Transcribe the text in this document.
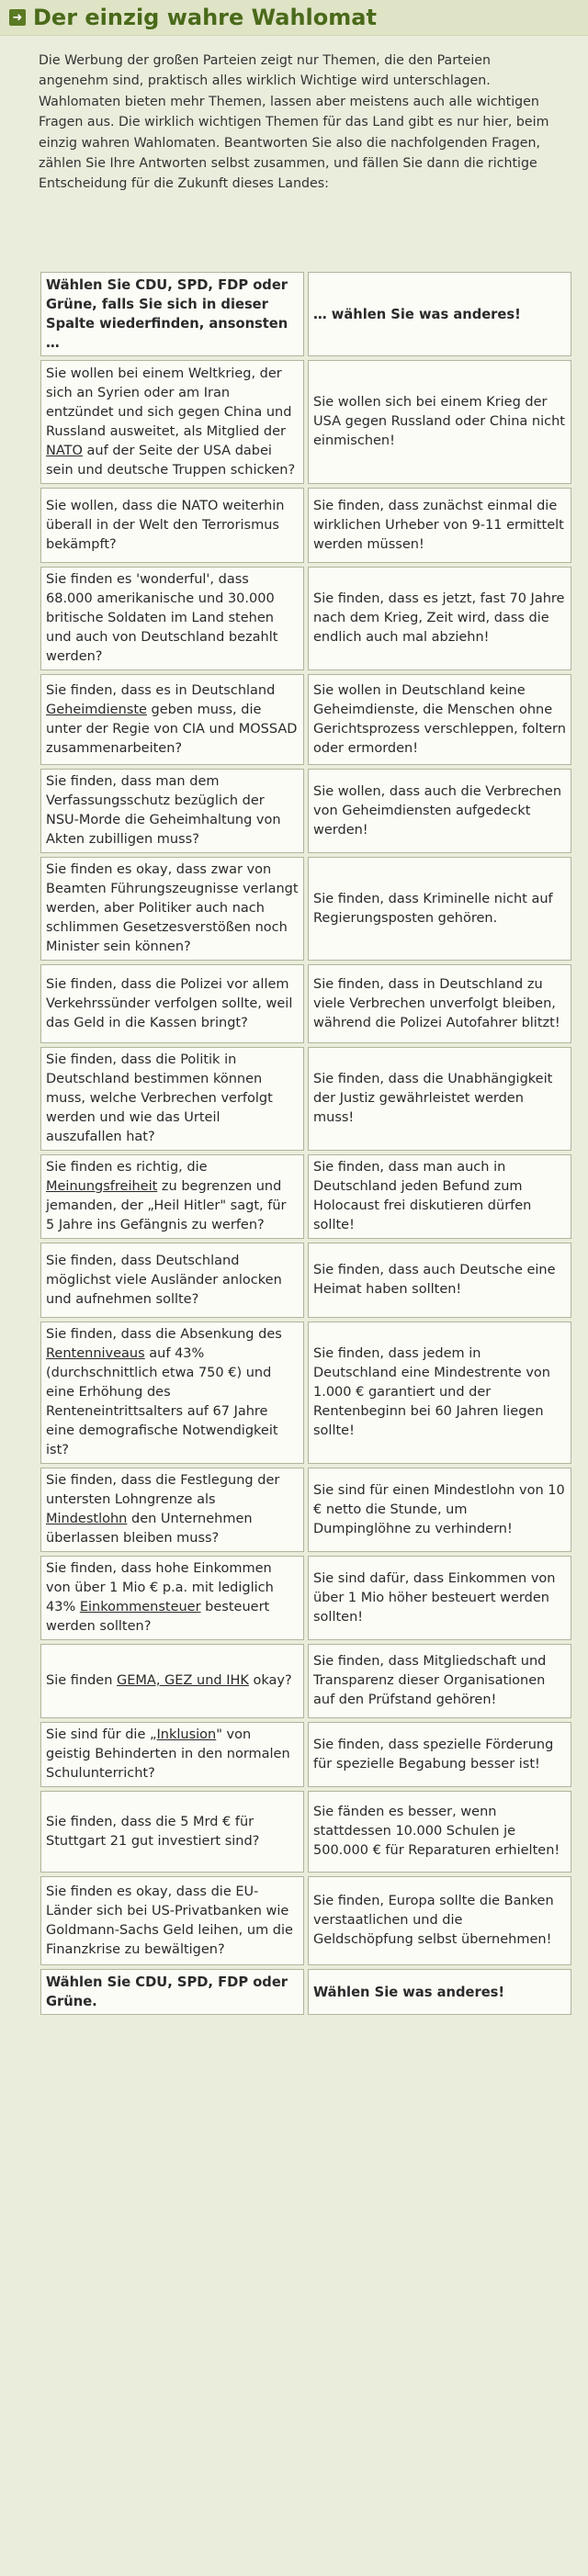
➜ Der einzig wahre Wahlomat
Die Werbung der großen Parteien zeigt nur Themen, die den Parteien angenehm sind, praktisch alles wirklich Wichtige wird unterschlagen. Wahlomaten bieten mehr Themen, lassen aber meistens auch alle wichtigen Fragen aus. Die wirklich wichtigen Themen für das Land gibt es nur hier, beim einzig wahren Wahlomaten. Beantworten Sie also die nachfolgenden Fragen, zählen Sie Ihre Antworten selbst zusammen, und fällen Sie dann die richtige Entscheidung für die Zukunft dieses Landes:
Wählen Sie CDU, SPD, FDP oder Grüne, falls Sie sich in dieser Spalte wiederfinden, ansonsten …	… wählen Sie was anderes!
Sie wollen bei einem Weltkrieg, der sich an Syrien oder am Iran entzündet und sich gegen China und Russland ausweitet, als Mitglied der NATO auf der Seite der USA dabei sein und deutsche Truppen schicken?	Sie wollen sich bei einem Krieg der USA gegen Russland oder China nicht einmischen!
Sie wollen, dass die NATO weiterhin überall in der Welt den Terrorismus bekämpft?	Sie finden, dass zunächst einmal die wirklichen Urheber von 9-11 ermittelt werden müssen!
Sie finden es 'wonderful', dass 68.000 amerikanische und 30.000 britische Soldaten im Land stehen und auch von Deutschland bezahlt werden?	Sie finden, dass es jetzt, fast 70 Jahre nach dem Krieg, Zeit wird, dass die endlich auch mal abziehn!
Sie finden, dass es in Deutschland Geheimdienste geben muss, die unter der Regie von CIA und MOSSAD zusammenarbeiten?	Sie wollen in Deutschland keine Geheimdienste, die Menschen ohne Gerichtsprozess verschleppen, foltern oder ermorden!
Sie finden, dass man dem Verfassungsschutz bezüglich der NSU-Morde die Geheimhaltung von Akten zubilligen muss?	Sie wollen, dass auch die Verbrechen von Geheimdiensten aufgedeckt werden!
Sie finden es okay, dass zwar von Beamten Führungszeugnisse verlangt werden, aber Politiker auch nach schlimmen Gesetzesverstößen noch Minister sein können?	Sie finden, dass Kriminelle nicht auf Regierungsposten gehören.
Sie finden, dass die Polizei vor allem Verkehrssünder verfolgen sollte, weil das Geld in die Kassen bringt?	Sie finden, dass in Deutschland zu viele Verbrechen unverfolgt bleiben, während die Polizei Autofahrer blitzt!
Sie finden, dass die Politik in Deutschland bestimmen können muss, welche Verbrechen verfolgt werden und wie das Urteil auszufallen hat?	Sie finden, dass die Unabhängigkeit der Justiz gewährleistet werden muss!
Sie finden es richtig, die Meinungsfreiheit zu begrenzen und jemanden, der „Heil Hitler" sagt, für 5 Jahre ins Gefängnis zu werfen?	Sie finden, dass man auch in Deutschland jeden Befund zum Holocaust frei diskutieren dürfen sollte!
Sie finden, dass Deutschland möglichst viele Ausländer anlocken und aufnehmen sollte?	Sie finden, dass auch Deutsche eine Heimat haben sollten!
Sie finden, dass die Absenkung des Rentenniveaus auf 43% (durchschnittlich etwa 750 €) und eine Erhöhung des Renteneintrittsalters auf 67 Jahre eine demografische Notwendigkeit ist?	Sie finden, dass jedem in Deutschland eine Mindestrente von 1.000 € garantiert und der Rentenbeginn bei 60 Jahren liegen sollte!
Sie finden, dass die Festlegung der untersten Lohngrenze als Mindestlohn den Unternehmen überlassen bleiben muss?	Sie sind für einen Mindestlohn von 10 € netto die Stunde, um Dumpinglöhne zu verhindern!
Sie finden, dass hohe Einkommen von über 1 Mio € p.a. mit lediglich 43% Einkommensteuer besteuert werden sollten?	Sie sind dafür, dass Einkommen von über 1 Mio höher besteuert werden sollten!
Sie finden GEMA, GEZ und IHK okay?	Sie finden, dass Mitgliedschaft und Transparenz dieser Organisationen auf den Prüfstand gehören!
Sie sind für die „Inklusion" von geistig Behinderten in den normalen Schulunterricht?	Sie finden, dass spezielle Förderung für spezielle Begabung besser ist!
Sie finden, dass die 5 Mrd € für Stuttgart 21 gut investiert sind?	Sie fänden es besser, wenn stattdessen 10.000 Schulen je 500.000 € für Reparaturen erhielten!
Sie finden es okay, dass die EU-Länder sich bei US-Privatbanken wie Goldmann-Sachs Geld leihen, um die Finanzkrise zu bewältigen?	Sie finden, Europa sollte die Banken verstaatlichen und die Geldschöpfung selbst übernehmen!
Wählen Sie CDU, SPD, FDP oder Grüne.	Wählen Sie was anderes!
